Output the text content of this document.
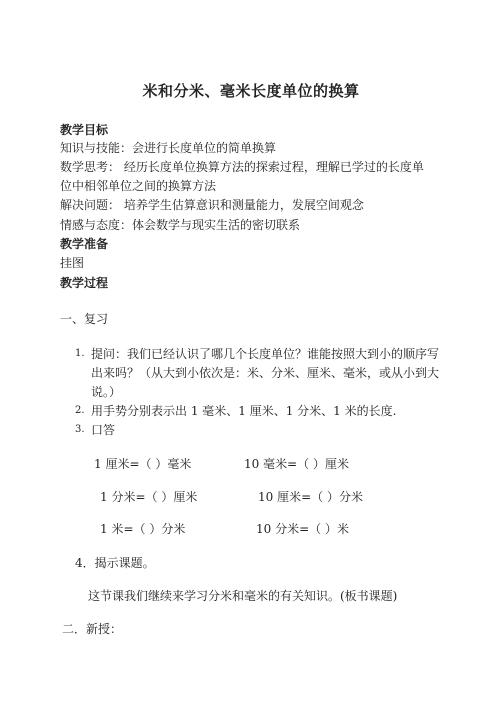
米和分米、毫米长度单位的换算
教学目标
知识与技能：会进行长度单位的简单换算
数学思考： 经历长度单位换算方法的探索过程，理解已学过的长度单
位中相邻单位之间的换算方法
解决问题： 培养学生估算意识和测量能力，发展空间观念
情感与态度：体会数学与现实生活的密切联系
教学准备
挂图
教学过程
一、复习
1. 提问：我们已经认识了哪几个长度单位？谁能按照大到小的顺序写
出来吗？（从大到小依次是：米、分米、厘米、毫米，或从小到大
说。）
2. 用手势分别表示出 1 毫米、1 厘米、1 分米、1 米的长度.
3. 口答
1 厘米=（ ）毫米	10 毫米=（ ）厘米
1 分米=（ ）厘米	10 厘米=（ ）分米
1 米=（ ）分米	10 分米=（ ）米
4．揭示课题。
这节课我们继续来学习分米和毫米的有关知识。(板书课题)
二．新授：
